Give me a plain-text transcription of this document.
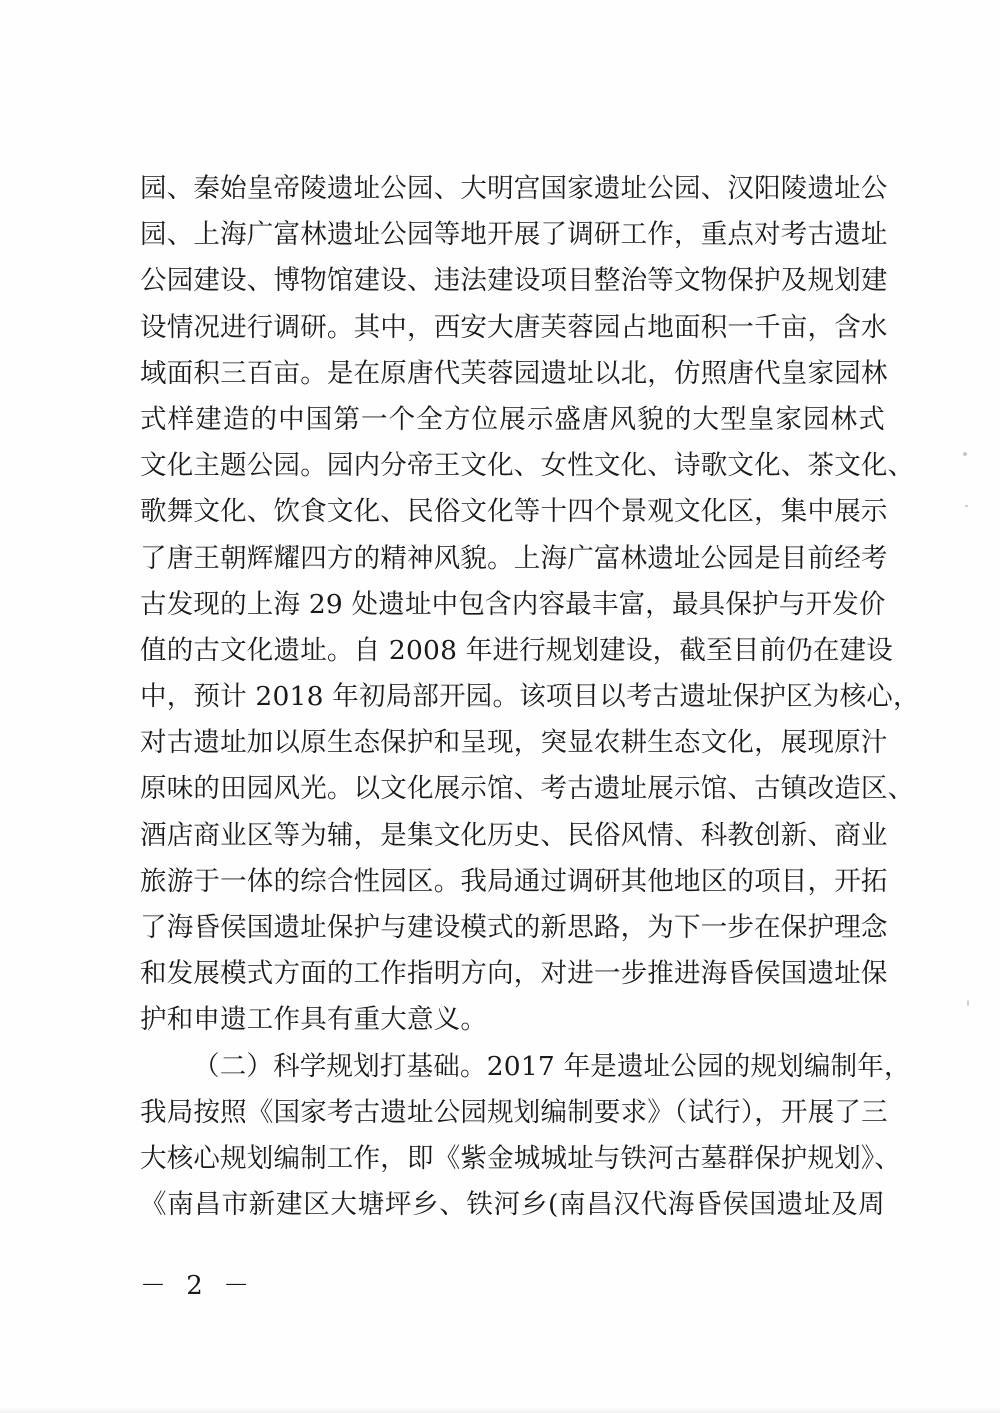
园、秦始皇帝陵遗址公园、大明宫国家遗址公园、汉阳陵遗址公
园、上海广富林遗址公园等地开展了调研工作，重点对考古遗址
公园建设、博物馆建设、违法建设项目整治等文物保护及规划建
设情况进行调研。其中，西安大唐芙蓉园占地面积一千亩，含水
域面积三百亩。是在原唐代芙蓉园遗址以北，仿照唐代皇家园林
式样建造的中国第一个全方位展示盛唐风貌的大型皇家园林式
文化主题公园。园内分帝王文化、女性文化、诗歌文化、茶文化、
歌舞文化、饮食文化、民俗文化等十四个景观文化区，集中展示
了唐王朝辉耀四方的精神风貌。上海广富林遗址公园是目前经考
古发现的上海 29 处遗址中包含内容最丰富，最具保护与开发价
值的古文化遗址。自 2008 年进行规划建设，截至目前仍在建设
中，预计 2018 年初局部开园。该项目以考古遗址保护区为核心，
对古遗址加以原生态保护和呈现，突显农耕生态文化，展现原汁
原味的田园风光。以文化展示馆、考古遗址展示馆、古镇改造区、
酒店商业区等为辅，是集文化历史、民俗风情、科教创新、商业
旅游于一体的综合性园区。我局通过调研其他地区的项目，开拓
了海昏侯国遗址保护与建设模式的新思路，为下一步在保护理念
和发展模式方面的工作指明方向，对进一步推进海昏侯国遗址保
护和申遗工作具有重大意义。
（二）科学规划打基础。2017 年是遗址公园的规划编制年，
我局按照《国家考古遗址公园规划编制要求》（试行），开展了三
大核心规划编制工作，即《紫金城城址与铁河古墓群保护规划》、
《南昌市新建区大塘坪乡、铁河乡(南昌汉代海昏侯国遗址及周
－ 2 －
